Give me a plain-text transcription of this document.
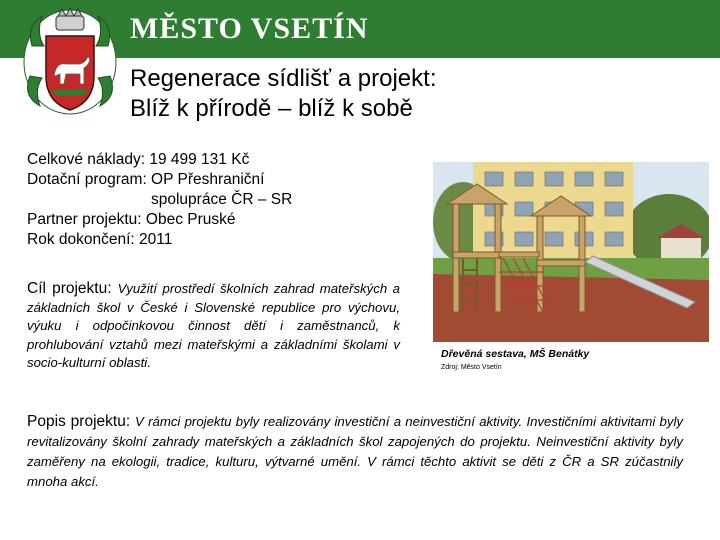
MĚSTO VSETÍN
Regenerace sídlišť a projekt:
Blíž k přírodě – blíž k sobě
Celkové náklady: 19 499 131 Kč
Dotační program: OP Přeshraniční
spolupráce ČR – SR
Partner projektu: Obec Pruské
Rok dokončení: 2011
Cíl projektu: Využití prostředí školních zahrad mateřských a základních škol v České i Slovenské republice pro výchovu, výuku i odpočinkovou činnost dětí i zaměstnanců, k prohlubování vztahů mezi mateřskými a základními školami v socio-kulturní oblasti.
Dřevěná sestava, MŠ Benátky
Zdroj: Město Vsetín
Popis projektu: V rámci projektu byly realizovány investiční a neinvestiční aktivity. Investičními aktivitami byly revitalizovány školní zahrady mateřských a základních škol zapojených do projektu. Neinvestiční aktivity byly zaměřeny na ekologii, tradice, kulturu, výtvarné umění. V rámci těchto aktivit se děti z ČR a SR zúčastnily mnoha akcí.
